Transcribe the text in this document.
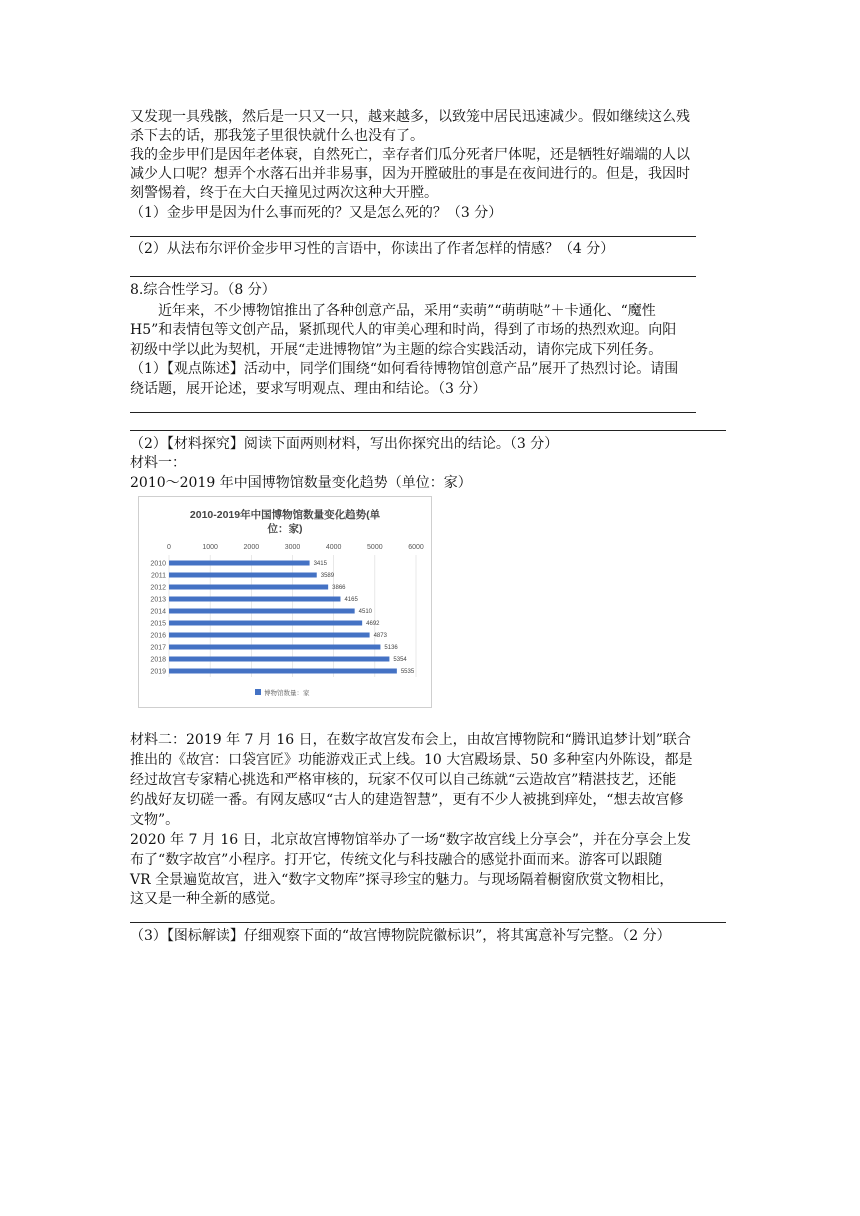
又发现一具残骸，然后是一只又一只，越来越多，以致笼中居民迅速减少。假如继续这么残
杀下去的话，那我笼子里很快就什么也没有了。
我的金步甲们是因年老体衰，自然死亡，幸存者们瓜分死者尸体呢，还是牺牲好端端的人以
减少人口呢？想弄个水落石出并非易事，因为开膛破肚的事是在夜间进行的。但是，我因时
刻警惕着，终于在大白天撞见过两次这种大开膛。
（1）金步甲是因为什么事而死的？又是怎么死的？（3 分）
（2）从法布尔评价金步甲习性的言语中，你读出了作者怎样的情感？（4 分）
8.综合性学习。（8 分）
近年来，不少博物馆推出了各种创意产品，采用“卖萌”“萌萌哒”＋卡通化、“魔性
H5”和表情包等文创产品，紧抓现代人的审美心理和时尚，得到了市场的热烈欢迎。向阳
初级中学以此为契机，开展“走进博物馆”为主题的综合实践活动，请你完成下列任务。
（1）【观点陈述】活动中，同学们围绕“如何看待博物馆创意产品”展开了热烈讨论。请围
绕话题，展开论述，要求写明观点、理由和结论。（3 分）
（2）【材料探究】阅读下面两则材料，写出你探究出的结论。（3 分）
材料一：
2010～2019 年中国博物馆数量变化趋势（单位：家）
2010-2019年中国博物馆数量变化趋势(单
位：家)
0	1000	2000	3000	4000	5000	6000
2010
2011
2012
2013
2014
2015
2016
2017
2018
2019
3415
3589
3866
4165
4510
4692
4873
5136
5354
5535
博物馆数量：家
材料二：2019 年 7 月 16 日，在数字故宫发布会上，由故宫博物院和“腾讯追梦计划”联合
推出的《故宫：口袋宫匠》功能游戏正式上线。10 大宫殿场景、50 多种室内外陈设，都是
经过故宫专家精心挑选和严格审核的，玩家不仅可以自己练就“云造故宫”精湛技艺，还能
约战好友切磋一番。有网友感叹“古人的建造智慧”，更有不少人被挑到痒处，“想去故宫修
文物”。
2020 年 7 月 16 日，北京故宫博物馆举办了一场“数字故宫线上分享会”，并在分享会上发
布了“数字故宫”小程序。打开它，传统文化与科技融合的感觉扑面而来。游客可以跟随
VR 全景遍览故宫，进入“数字文物库”探寻珍宝的魅力。与现场隔着橱窗欣赏文物相比，
这又是一种全新的感觉。
（3）【图标解读】仔细观察下面的“故宫博物院院徽标识”，将其寓意补写完整。（2 分）
